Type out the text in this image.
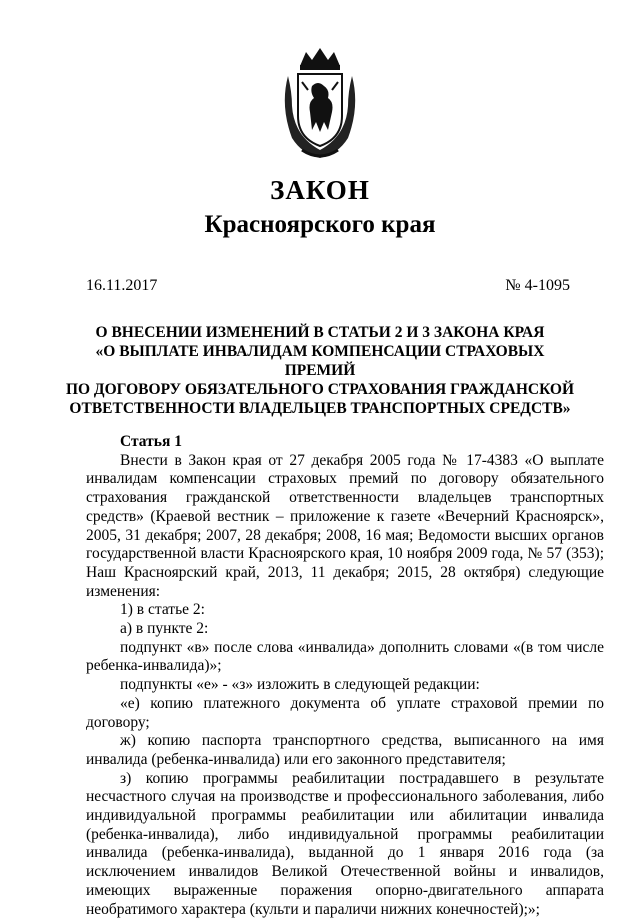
ЗАКОН
Красноярского края
16.11.2017	№ 4-1095
О ВНЕСЕНИИ ИЗМЕНЕНИЙ В СТАТЬИ 2 И 3 ЗАКОНА КРАЯ
«О ВЫПЛАТЕ ИНВАЛИДАМ КОМПЕНСАЦИИ СТРАХОВЫХ ПРЕМИЙ
ПО ДОГОВОРУ ОБЯЗАТЕЛЬНОГО СТРАХОВАНИЯ ГРАЖДАНСКОЙ
ОТВЕТСТВЕННОСТИ ВЛАДЕЛЬЦЕВ ТРАНСПОРТНЫХ СРЕДСТВ»

Статья 1

Внести в Закон края от 27 декабря 2005 года № 17-4383 «О выплате инвалидам компенсации страховых премий по договору обязательного страхования гражданской ответственности владельцев транспортных средств» (Краевой вестник – приложение к газете «Вечерний Красноярск», 2005, 31 декабря; 2007, 28 декабря; 2008, 16 мая; Ведомости высших органов государственной власти Красноярского края, 10 ноября 2009 года, № 57 (353); Наш Красноярский край, 2013, 11 декабря; 2015, 28 октября) следующие изменения:

1) в статье 2:

а) в пункте 2:

подпункт «в» после слова «инвалида» дополнить словами «(в том числе ребенка-инвалида)»;

подпункты «е» - «з» изложить в следующей редакции:

«е) копию платежного документа об уплате страховой премии по договору;

ж) копию паспорта транспортного средства, выписанного на имя инвалида (ребенка-инвалида) или его законного представителя;

з) копию программы реабилитации пострадавшего в результате несчастного случая на производстве и профессионального заболевания, либо индивидуальной программы реабилитации или абилитации инвалида (ребенка-инвалида), либо индивидуальной программы реабилитации инвалида (ребенка-инвалида), выданной до 1 января 2016 года (за исключением инвалидов Великой Отечественной войны и инвалидов, имеющих выраженные поражения опорно-двигательного аппарата необратимого характера (культи и параличи нижних конечностей);»;
